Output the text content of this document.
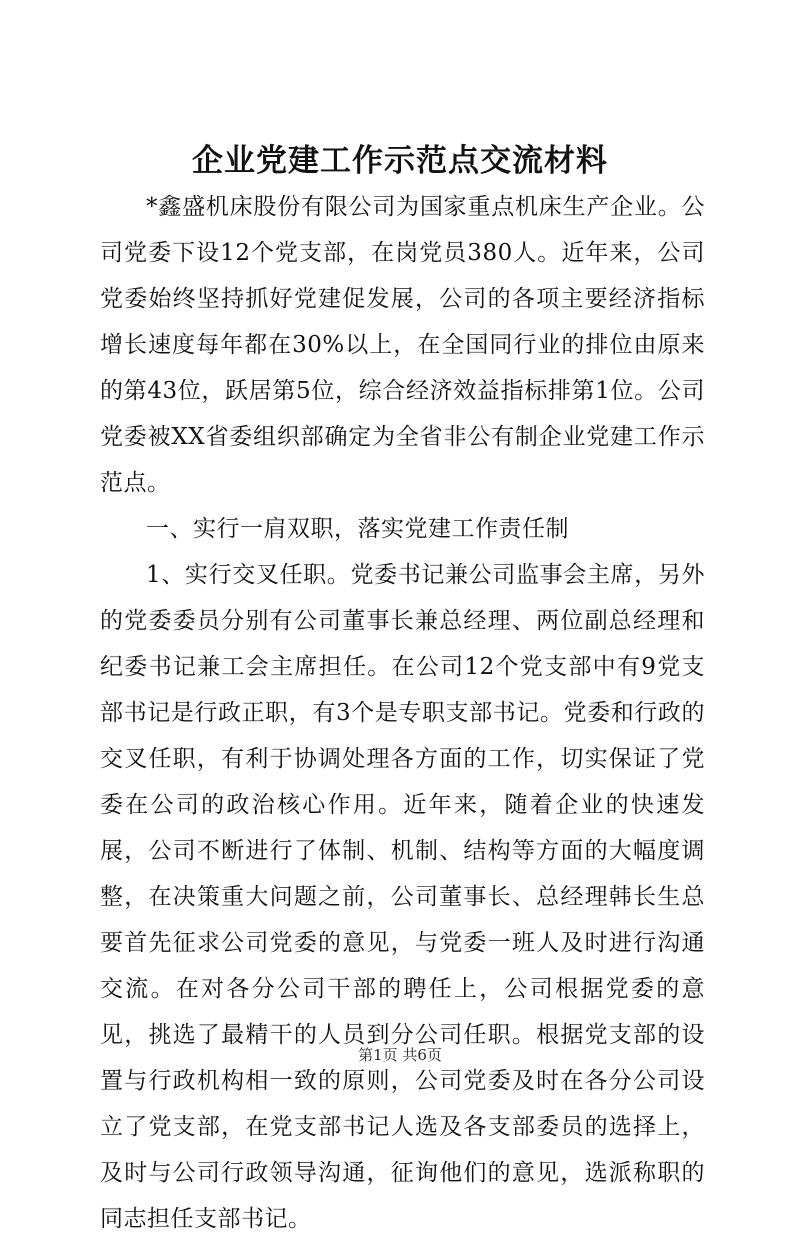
企业党建工作示范点交流材料

*鑫盛机床股份有限公司为国家重点机床生产企业。公司党委下设12个党支部，在岗党员380人。近年来，公司党委始终坚持抓好党建促发展，公司的各项主要经济指标增长速度每年都在30%以上，在全国同行业的排位由原来的第43位，跃居第5位，综合经济效益指标排第1位。公司党委被XX省委组织部确定为全省非公有制企业党建工作示范点。

一、实行一肩双职，落实党建工作责任制

1、实行交叉任职。党委书记兼公司监事会主席，另外的党委委员分别有公司董事长兼总经理、两位副总经理和纪委书记兼工会主席担任。在公司12个党支部中有9党支部书记是行政正职，有3个是专职支部书记。党委和行政的交叉任职，有利于协调处理各方面的工作，切实保证了党委在公司的政治核心作用。近年来，随着企业的快速发展，公司不断进行了体制、机制、结构等方面的大幅度调整，在决策重大问题之前，公司董事长、总经理韩长生总要首先征求公司党委的意见，与党委一班人及时进行沟通交流。在对各分公司干部的聘任上，公司根据党委的意见，挑选了最精干的人员到分公司任职。根据党支部的设置与行政机构相一致的原则，公司党委及时在各分公司设立了党支部，在党支部书记人选及各支部委员的选择上，及时与公司行政领导沟通，征询他们的意见，选派称职的同志担任支部书记。

第1页 共6页
